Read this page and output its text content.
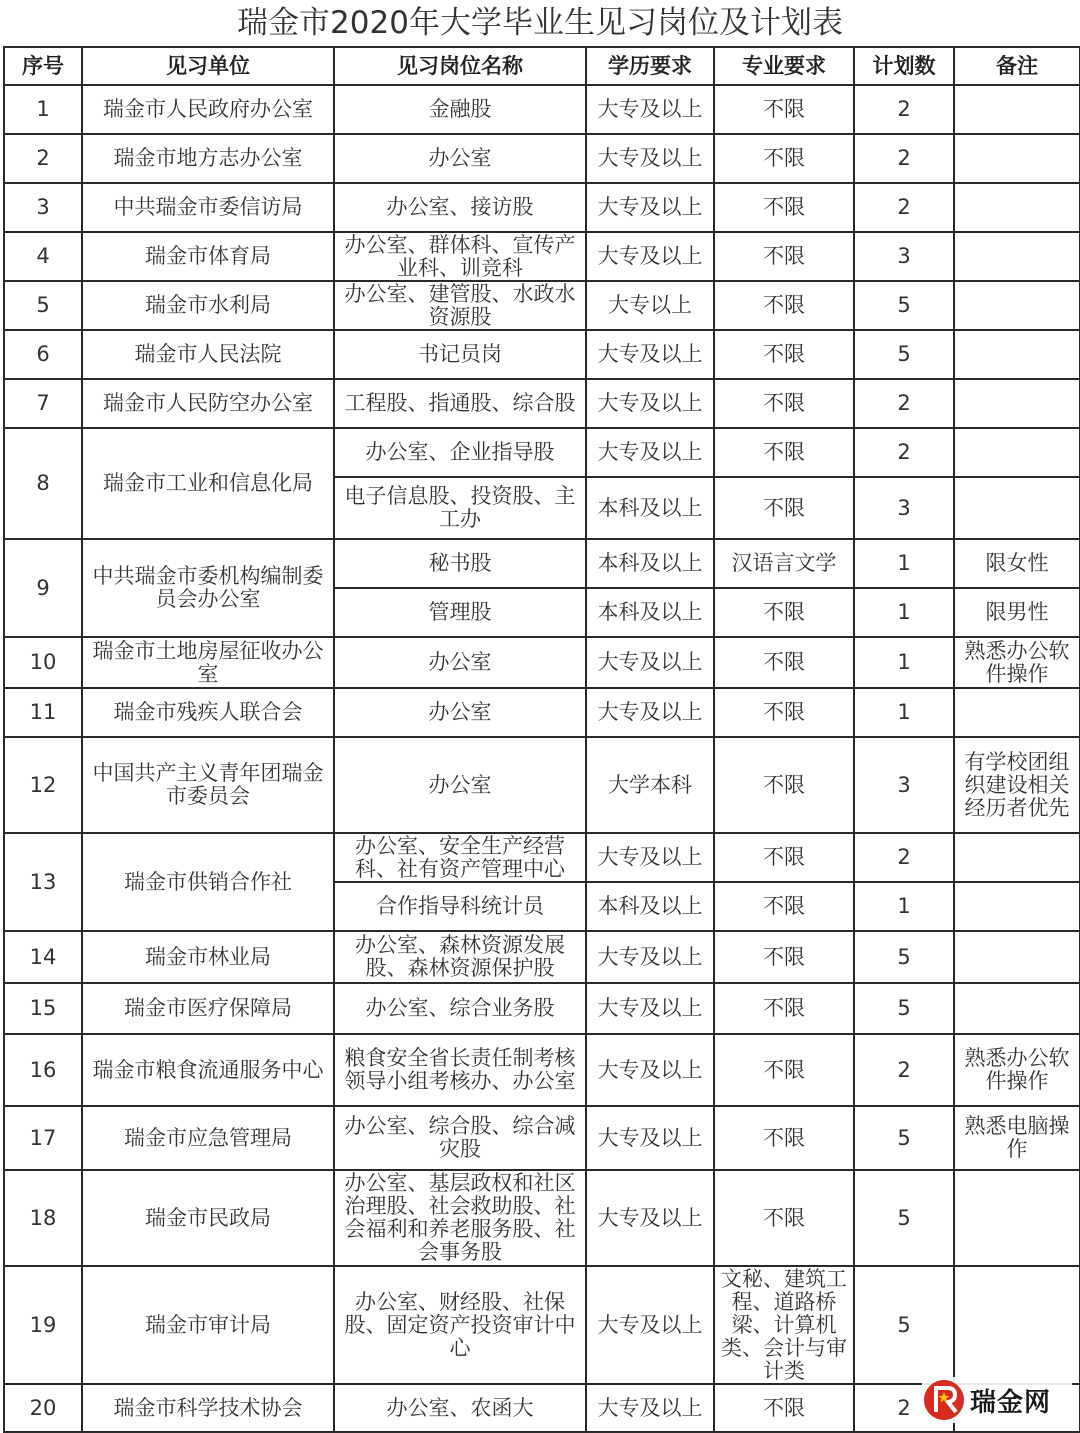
瑞金市2020年大学毕业生见习岗位及计划表
序号	见习单位	见习岗位名称	学历要求	专业要求	计划数	备注
1	瑞金市人民政府办公室	金融股	大专及以上	不限	2	
2	瑞金市地方志办公室	办公室	大专及以上	不限	2	
3	中共瑞金市委信访局	办公室、接访股	大专及以上	不限	2	
4	瑞金市体育局	办公室、群体科、宣传产业科、训竞科	大专及以上	不限	3	
5	瑞金市水利局	办公室、建管股、水政水资源股	大专以上	不限	5	
6	瑞金市人民法院	书记员岗	大专及以上	不限	5	
7	瑞金市人民防空办公室	工程股、指通股、综合股	大专及以上	不限	2	
8	瑞金市工业和信息化局	办公室、企业指导股	大专及以上	不限	2	
		电子信息股、投资股、主工办	本科及以上	不限	3	
9	中共瑞金市委机构编制委员会办公室	秘书股	本科及以上	汉语言文学	1	限女性
		管理股	本科及以上	不限	1	限男性
10	瑞金市土地房屋征收办公室	办公室	大专及以上	不限	1	熟悉办公软件操作
11	瑞金市残疾人联合会	办公室	大专及以上	不限	1	
12	中国共产主义青年团瑞金市委员会	办公室	大学本科	不限	3	有学校团组织建设相关经历者优先
13	瑞金市供销合作社	办公室、安全生产经营科、社有资产管理中心	大专及以上	不限	2	
		合作指导科统计员	本科及以上	不限	1	
14	瑞金市林业局	办公室、森林资源发展股、森林资源保护股	大专及以上	不限	5	
15	瑞金市医疗保障局	办公室、综合业务股	大专及以上	不限	5	
16	瑞金市粮食流通服务中心	粮食安全省长责任制考核领导小组考核办、办公室	大专及以上	不限	2	熟悉办公软件操作
17	瑞金市应急管理局	办公室、综合股、综合减灾股	大专及以上	不限	5	熟悉电脑操作
18	瑞金市民政局	办公室、基层政权和社区治理股、社会救助股、社会福利和养老服务股、社会事务股	大专及以上	不限	5	
19	瑞金市审计局	办公室、财经股、社保股、固定资产投资审计中心	大专及以上	文秘、建筑工程、道路桥梁、计算机类、会计与审计类	5	
20	瑞金市科学技术协会	办公室、农函大	大专及以上	不限	2	瑞金网
